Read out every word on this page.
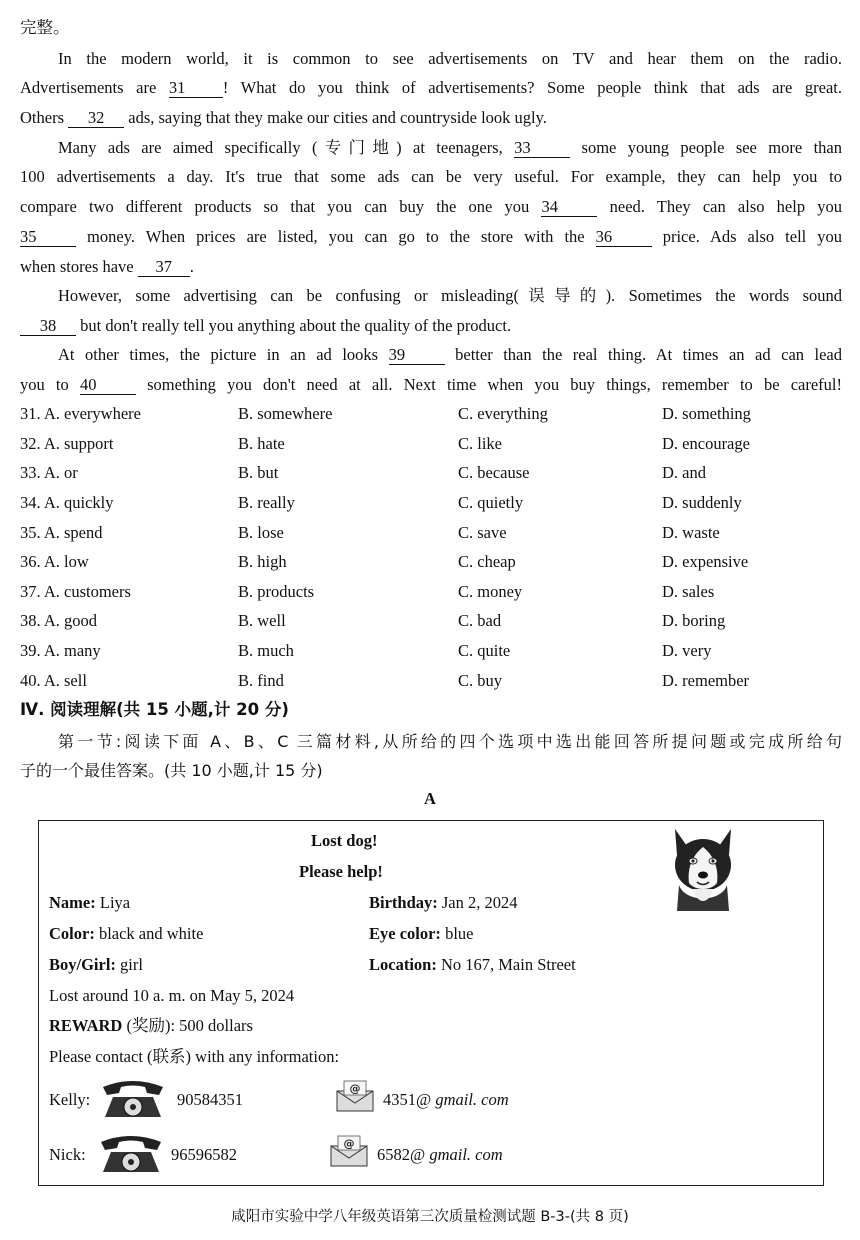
完整。
In the modern world, it is common to see advertisements on TV and hear them on the radio.
Advertisements are 31 ! What do you think of advertisements? Some people think that ads are great.
Others 32 ads, saying that they make our cities and countryside look ugly.
Many ads are aimed specifically (专门地) at teenagers, 33	some young people see more than
100 advertisements a day. It's true that some ads can be very useful. For example, they can help you to
compare two different products so that you can buy the one you 34	need. They can also help you
35	money. When prices are listed, you can go to the store with the 36	price. Ads also tell you
when stores have 37 .
However, some advertising can be confusing or misleading(误导的). Sometimes the words sound
38 but don't really tell you anything about the quality of the product.
At other times, the picture in an ad looks 39	better than the real thing. At times an ad can lead
you to 40	something you don't need at all. Next time when you buy things, remember to be careful!
31. A. everywhere	B. somewhere	C. everything	D. something
32. A. support	B. hate	C. like	D. encourage
33. A. or	B. but	C. because	D. and
34. A. quickly	B. really	C. quietly	D. suddenly
35. A. spend	B. lose	C. save	D. waste
36. A. low	B. high	C. cheap	D. expensive
37. A. customers	B. products	C. money	D. sales
38. A. good	B. well	C. bad	D. boring
39. A. many	B. much	C. quite	D. very
40. A. sell	B. find	C. buy	D. remember
Ⅳ. 阅读理解(共 15 小题,计 20 分)
第一节:阅读下面 A、B、C 三篇材料,从所给的四个选项中选出能回答所提问题或完成所给句
子的一个最佳答案。(共 10 小题,计 15 分)
A
Lost dog!
Please help!
Name: Liya	Birthday: Jan 2, 2024
Color: black and white	Eye color: blue
Boy/Girl: girl	Location: No 167, Main Street
Lost around 10 a. m. on May 5, 2024
REWARD (奖励): 500 dollars
Please contact (联系) with any information:
Kelly:	90584351
@
4351@ gmail. com
Nick:	96596582
@
6582@ gmail. com
咸阳市实验中学八年级英语第三次质量检测试题 B-3-(共 8 页)
